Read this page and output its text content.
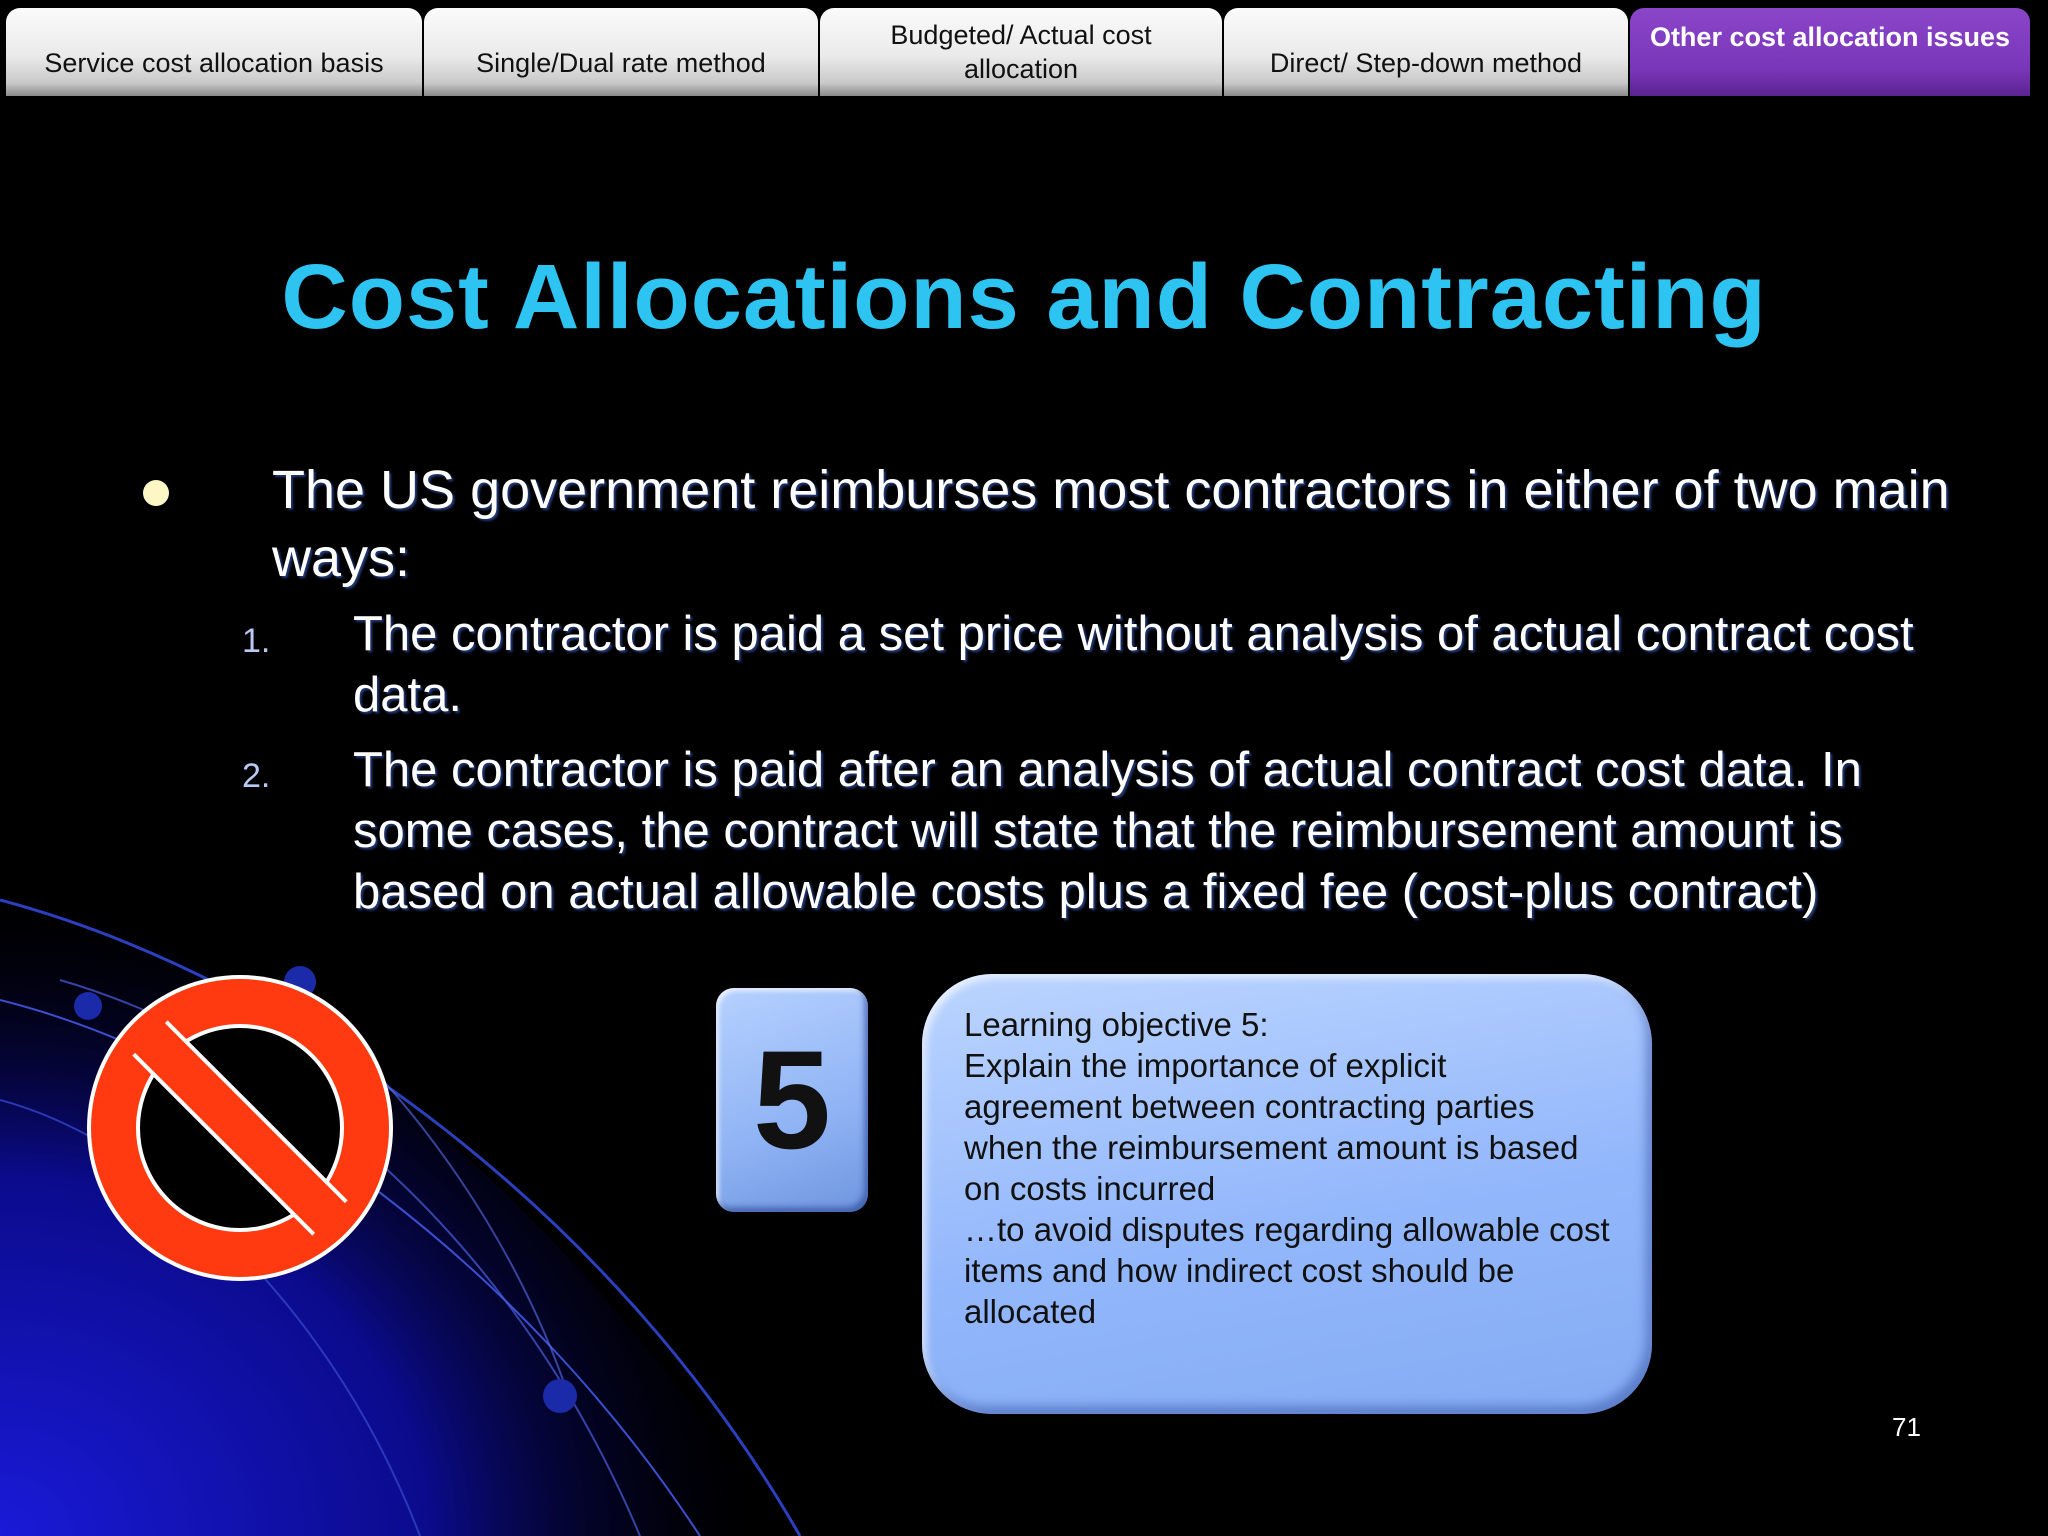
Service cost allocation basis	Single/Dual rate method
Budgeted/ Actual cost allocation	Direct/ Step-down method
Other cost allocation issues
Cost Allocations and Contracting
The US government reimburses most contractors in either of two main ways:
1. The contractor is paid a set price without analysis of actual contract cost data.
2. The contractor is paid after an analysis of actual contract cost data. In some cases, the contract will state that the reimbursement amount is based on actual allowable costs plus a fixed fee (cost-plus contract)
5	Learning objective 5:
Explain the importance of explicit agreement between contracting parties when the reimbursement amount is based on costs incurred
…to avoid disputes regarding allowable cost items and how indirect cost should be allocated
71
